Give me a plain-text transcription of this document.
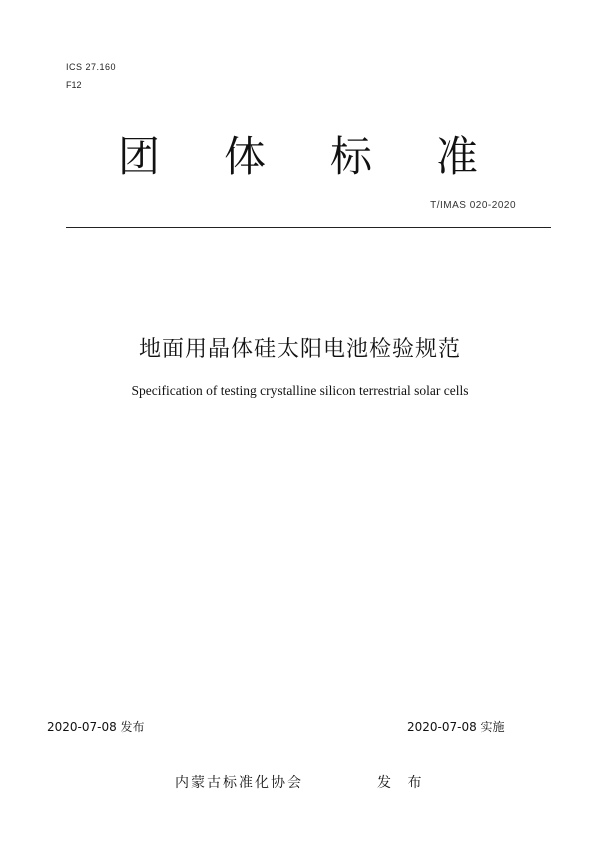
ICS 27.160
F12
团 体 标 准
T/IMAS 020-2020
地面用晶体硅太阳电池检验规范
Specification of testing crystalline silicon terrestrial solar cells
2020-07-08 发布	2020-07-08 实施
内蒙古标准化协会	发 布
